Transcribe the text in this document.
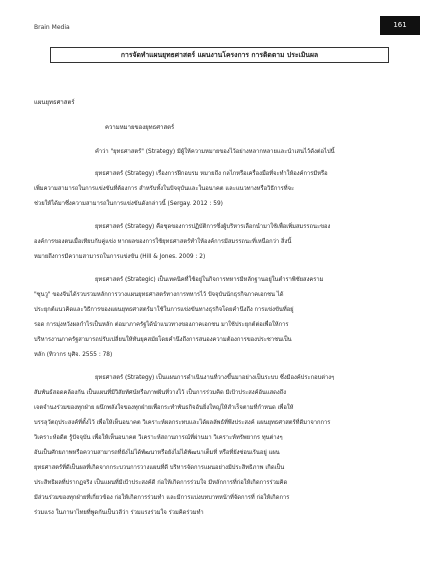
Brain Media	161
การจัดทำแผนยุทธศาสตร์ แผนงานโครงการ การติดตาม ประเมินผล
แผนยุทธศาสตร์
ความหมายของยุทธศาสตร์
คำว่า "ยุทธศาสตร์" (Strategy) มีผู้ให้ความหมายของไว้อย่างหลากหลายและนำเสนไว้ดังต่อไปนี้
ยุทธศาสตร์ (Strategy) เรื่องการฝึกอบรม หมายถึง กลไกหรือเครื่องมือที่จะทำให้องค์การมีหรือ
เพิ่มความสามารถในการแข่งขันที่ต้องการ สำหรับทั้งในปัจจุบันและในอนาคต และแนวทางหรือวิธีการที่จะ
ช่วยให้ได้มาซึ่งความสามารถในการแข่งขันดังกล่าวนี้ (Sergay. 2012 : 59)
ยุทธศาสตร์ (Strategy) คือชุดของการปฏิบัติการซึ่งผู้บริหารเลือกนำมาใช้เพื่อเพิ่มสมรรถนะของ
องค์การของตนเมื่อเทียบกับคู่แข่ง หากผลของการใช้ยุทธศาสตร์ทำให้องค์การมีสมรรถนะที่เหนือกว่า สิ่งนี้
หมายถึงการมีความสามารถในการแข่งขัน (Hill & Jones. 2009 : 2)
ยุทธศาสตร์ (Strategic) เป็นเทคนิคที่ใช้อยู่ในกิจการทหารมีหลักฐานอยู่ในตำราพิชัยสงคราม
"ซุนวู" ของจีนได้รวบรวมหลักการวางแผนยุทธศาสตร์ทางการทหารไว้ ปัจจุบันนักธุรกิจภาคเอกชน ได้
ประยุกต์แนวคิดและวิธีการของแผนยุทธศาสตร์มาใช้ในการแข่งขันทางธุรกิจโดยคำนึงถึง การแข่งขันที่อยู่
รอด การมุ่งหวังผลกำไรเป็นหลัก ต่อมาภาครัฐได้นำแนวทางของภาคเอกชน มาใช้ประยุกต์ต่อเพื่อให้การ
บริหารงานภาครัฐสามารถปรับเปลี่ยนให้ทันยุคสมัยโดยคำนึงถึงการสนองความต้องการของประชาชนเป็น
หลัก (ทิวากร บุศิจ. 2555 : 78)
ยุทธศาสตร์ (Strategy) เป็นแผนการดำเนินงานที่วางขึ้นมาอย่างเป็นระบบ ซึ่งมีองค์ประกอบต่างๆ
สัมพันธ์สอดคล้องกัน เป็นแผนที่มีวิสัยทัศน์หรือภาพฝันที่วางไว้ เป็นการร่วมคิด มีเป้าประสงค์อันแสดงถึง
เจตจำนงร่วมของทุกฝ่าย ผนึกพลังใจของทุกฝ่ายเพื่อกระทำพันธกิจอันยิ่งใหญ่ให้สำเร็จตามที่กำหนด เพื่อให้
บรรลุวัตถุประสงค์ที่ตั้งไว้ เพื่อให้เห็นอนาคต วิเคราะห์ผลกระทบและได้ผลลัพธ์ที่พึงประสงค์ แผนยุทธศาสตร์ที่ดีมาจากการ
วิเคราะห์อดีต รู้ปัจจุบัน เพื่อให้เห็นอนาคต วิเคราะห์สถานการณ์ที่ผ่านมา วิเคราะห์ทรัพยากร ทุนต่างๆ
อันเป็นศักยภาพหรือความสามารถที่ยังไม่ได้พัฒนาหรือยังไม่ได้พัฒนาเต็มที่ หรือที่ยังซ่อนเร้นอยู่ แผน
ยุทธศาสตร์ที่ดีเป็นผลที่เกิดจากกระบวนการวางแผนที่ดี บริหารจัดการแผนอย่างมีประสิทธิภาพ เกิดเป็น
ประสิทธิผลที่ปรากฏจริง เป็นแผนที่มีเป้าประสงค์ดี ก่อให้เกิดการร่วมใจ มีหลักการที่ก่อให้เกิดการร่วมคิด
มีส่วนร่วมของทุกฝ่ายที่เกี่ยวข้อง ก่อให้เกิดการร่วมทำ และมีการแบ่งบทบาทหน้าที่จัดการที่ ก่อให้เกิดการ
ร่วมแรง ในภาษาไทยที่พูดกันเป็นวลีว่า ร่วมแรงร่วมใจ ร่วมคิดร่วมทำ
